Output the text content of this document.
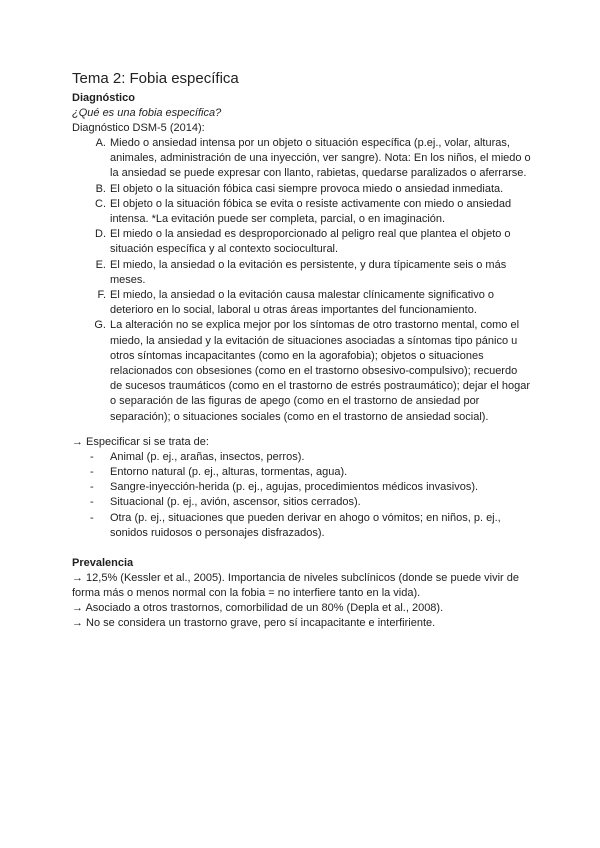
Tema 2: Fobia específica
Diagnóstico
¿Qué es una fobia específica?
Diagnóstico DSM-5 (2014):
A. Miedo o ansiedad intensa por un objeto o situación específica (p.ej., volar, alturas, animales, administración de una inyección, ver sangre). Nota: En los niños, el miedo o la ansiedad se puede expresar con llanto, rabietas, quedarse paralizados o aferrarse.
B. El objeto o la situación fóbica casi siempre provoca miedo o ansiedad inmediata.
C. El objeto o la situación fóbica se evita o resiste activamente con miedo o ansiedad intensa. *La evitación puede ser completa, parcial, o en imaginación.
D. El miedo o la ansiedad es desproporcionado al peligro real que plantea el objeto o situación específica y al contexto sociocultural.
E. El miedo, la ansiedad o la evitación es persistente, y dura típicamente seis o más meses.
F. El miedo, la ansiedad o la evitación causa malestar clínicamente significativo o deterioro en lo social, laboral u otras áreas importantes del funcionamiento.
G. La alteración no se explica mejor por los síntomas de otro trastorno mental, como el miedo, la ansiedad y la evitación de situaciones asociadas a síntomas tipo pánico u otros síntomas incapacitantes (como en la agorafobia); objetos o situaciones relacionados con obsesiones (como en el trastorno obsesivo-compulsivo); recuerdo de sucesos traumáticos (como en el trastorno de estrés postraumático); dejar el hogar o separación de las figuras de apego (como en el trastorno de ansiedad por separación); o situaciones sociales (como en el trastorno de ansiedad social).
→ Especificar si se trata de:
- Animal (p. ej., arañas, insectos, perros).
- Entorno natural (p. ej., alturas, tormentas, agua).
- Sangre-inyección-herida (p. ej., agujas, procedimientos médicos invasivos).
- Situacional (p. ej., avión, ascensor, sitios cerrados).
- Otra (p. ej., situaciones que pueden derivar en ahogo o vómitos; en niños, p. ej., sonidos ruidosos o personajes disfrazados).
Prevalencia
→ 12,5% (Kessler et al., 2005). Importancia de niveles subclínicos (donde se puede vivir de forma más o menos normal con la fobia = no interfiere tanto en la vida).
→ Asociado a otros trastornos, comorbilidad de un 80% (Depla et al., 2008).
→ No se considera un trastorno grave, pero sí incapacitante e interfiriente.
